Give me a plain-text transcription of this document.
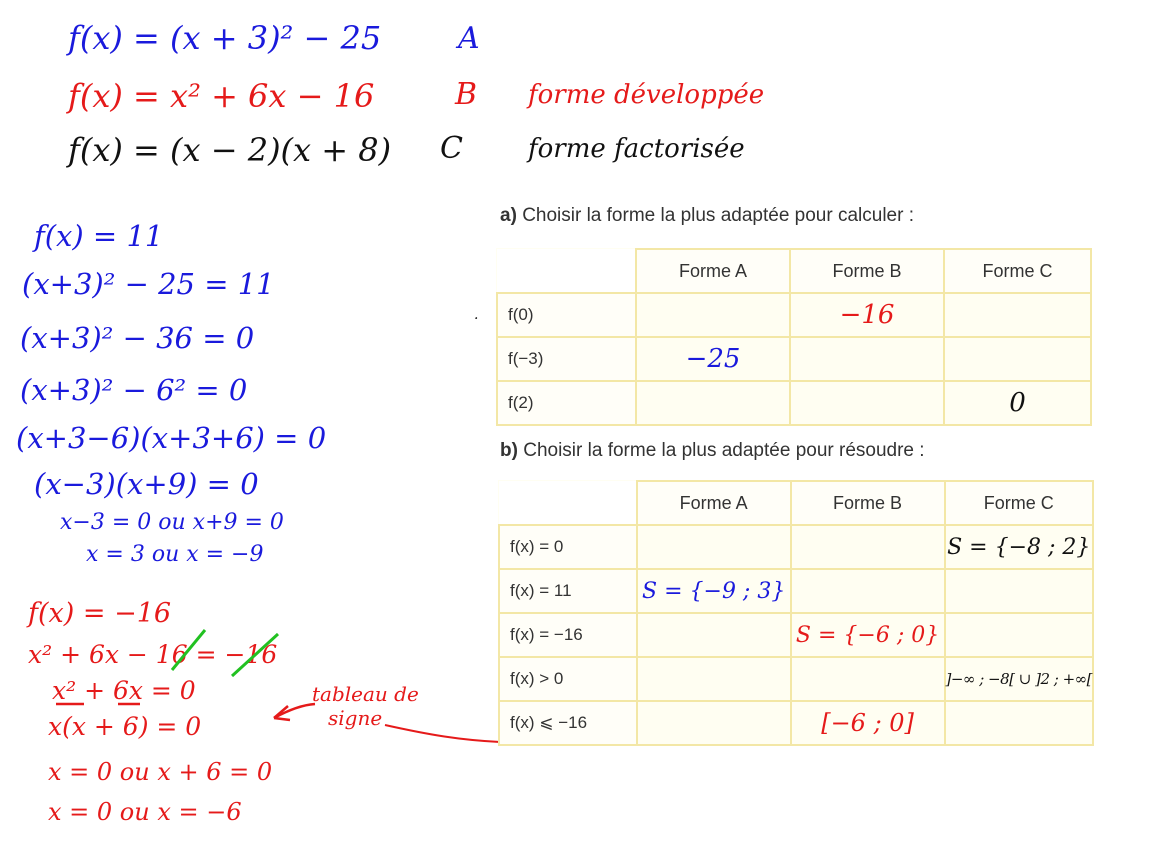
f(x) = (x + 3)² − 25	A
f(x) = x² + 6x − 16	B forme développée
f(x) = (x − 2)(x + 8) C	forme factorisée
f(x) = 11
(x+3)² − 25 = 11
(x+3)² − 36 = 0
(x+3)² − 6² = 0
(x+3−6)(x+3+6) = 0
(x−3)(x+9) = 0
x−3 = 0 ou x+9 = 0
x = 3 ou x = −9
f(x) = −16
x² + 6x − 16 = −16
x² + 6x = 0
x(x + 6) = 0
x = 0 ou x + 6 = 0
x = 0 ou x = −6
tableau de
signe
·
a) Choisir la forme la plus adaptée pour calculer :
	Forme A	Forme B	Forme C
f(0)		−16	
f(−3)	−25		
f(2)			0
b) Choisir la forme la plus adaptée pour résoudre :
	Forme A	Forme B	Forme C
f(x) = 0			S = {−8 ; 2}
f(x) = 11	S = {−9 ; 3}		
f(x) = −16		S = {−6 ; 0}	
f(x) > 0			]−∞ ; −8[ ∪ ]2 ; +∞[
f(x) ⩽ −16		[−6 ; 0]	
